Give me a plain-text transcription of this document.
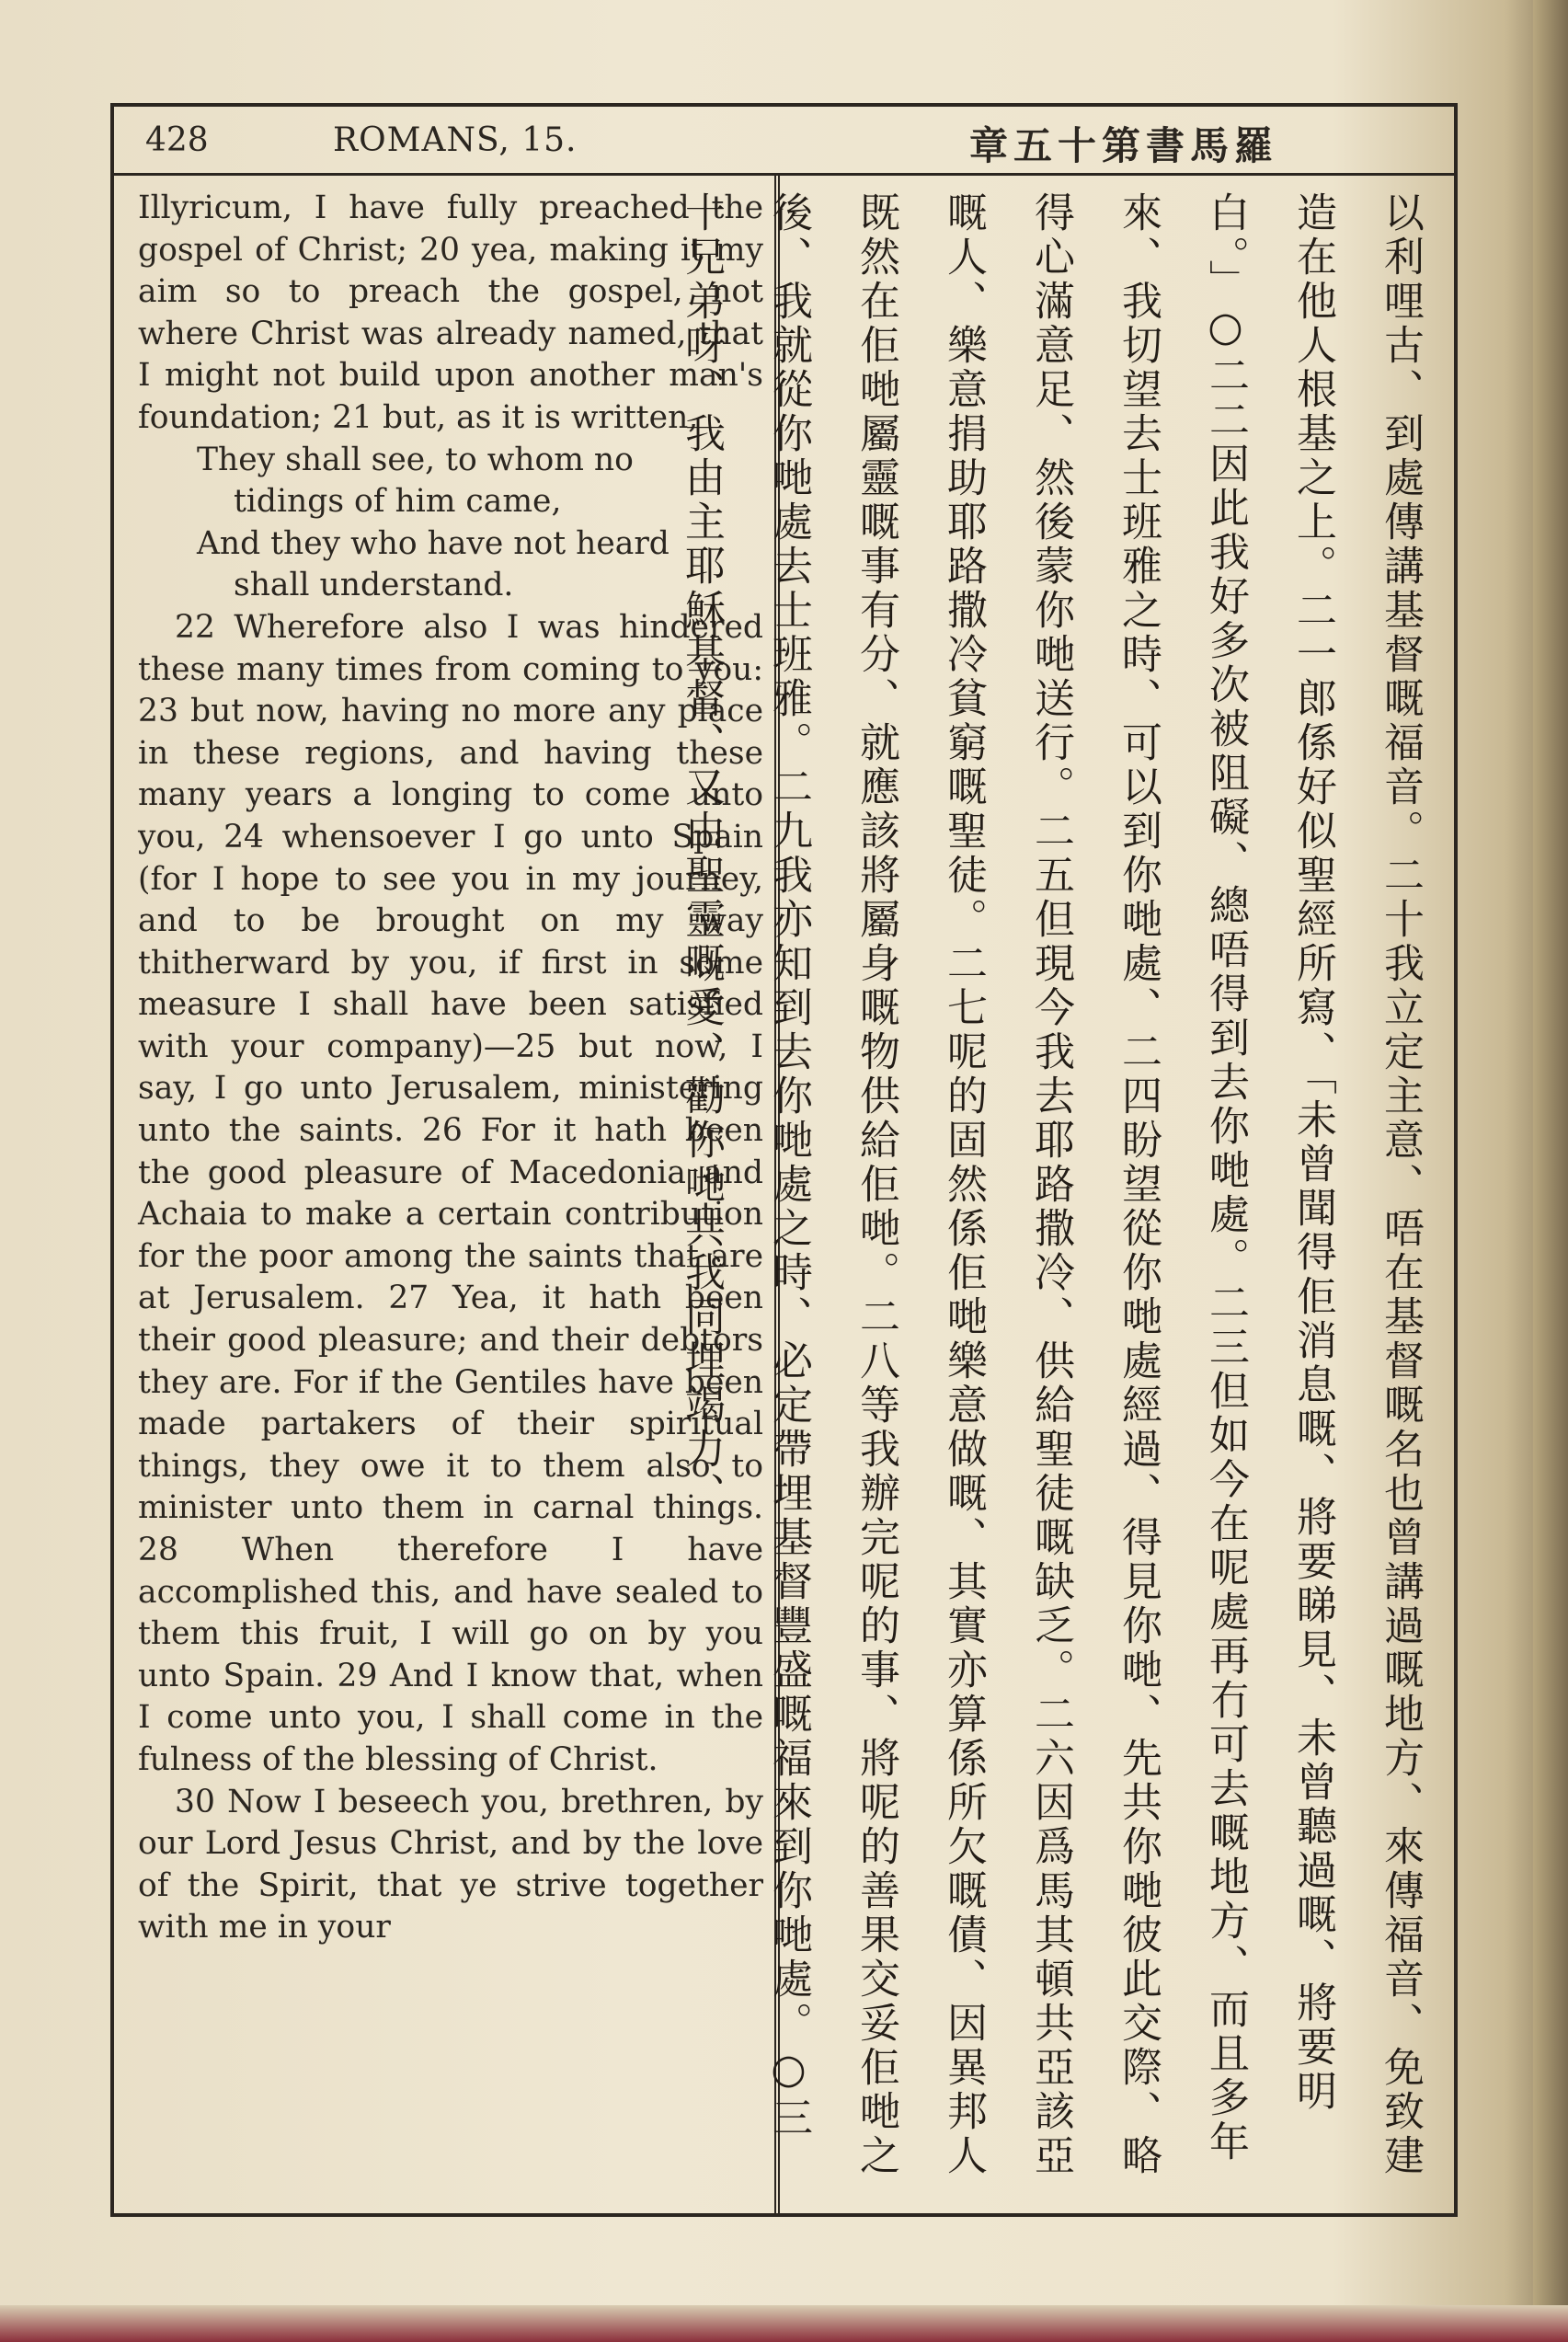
428	ROMANS, 15.	章五十第書馬羅

Illyricum, I have fully preached the gospel of Christ; 20 yea, making it my aim so to preach the gospel, not where Christ was already named, that I might not build upon another man's foundation; 21 but, as it is written,

They shall see, to whom no

tidings of him came,
And they who have not heard

shall understand.

22 Wherefore also I was hindered these many times from coming to you: 23 but now, having no more any place in these regions, and having these many years a longing to come unto you, 24 whensoever I go unto Spain (for I hope to see you in my journey, and to be brought on my way thitherward by you, if first in some measure I shall have been satisfied with your company)—25 but now, I say, I go unto Jerusalem, ministering unto the saints. 26 For it hath been the good pleasure of Macedonia and Achaia to make a certain contribution for the poor among the saints that are at Jerusalem. 27 Yea, it hath been their good pleasure; and their debtors they are. For if the Gentiles have been made partakers of their spiritual things, they owe it to them also to minister unto them in carnal things. 28 When therefore I have accomplished this, and have sealed to them this fruit, I will go on by you unto Spain. 29 And I know that, when I come unto you, I shall come in the fulness of the blessing of Christ.

30 Now I beseech you, brethren, by our Lord Jesus Christ, and by the love of the Spirit, that ye strive together with me in your	以利哩古、到處傳講基督嘅福音。二十我立定主意、唔在基督嘅名也曾講過嘅地方、來傳福音、免致建造在他人根基之上。二一郎係好似聖經所寫、「未曾聞得佢消息嘅、將要睇見、未曾聽過嘅、將要明白。」○二二因此我好多次被阻礙、總唔得到去你哋處。二三但如今在呢處再冇可去嘅地方、而且多年來、我切望去士班雅之時、可以到你哋處、二四盼望從你哋處經過、得見你哋、先共你哋彼此交際、略得心滿意足、然後蒙你哋送行。二五但現今我去耶路撒冷、供給聖徒嘅缺乏。二六因爲馬其頓共亞該亞嘅人、樂意捐助耶路撒冷貧窮嘅聖徒。二七呢的固然係佢哋樂意做嘅、其實亦算係所欠嘅債、因異邦人既然在佢哋屬靈嘅事有分、就應該將屬身嘅物供給佢哋。二八等我辦完呢的事、將呢的善果交妥佢哋之後、我就從你哋處去士班雅。二九我亦知到去你哋處之時、必定帶埋基督豐盛嘅福來到你哋處。○三十兄弟呀、我由主耶穌基督、又由聖靈嘅愛、勸你哋共我同埋竭力、
